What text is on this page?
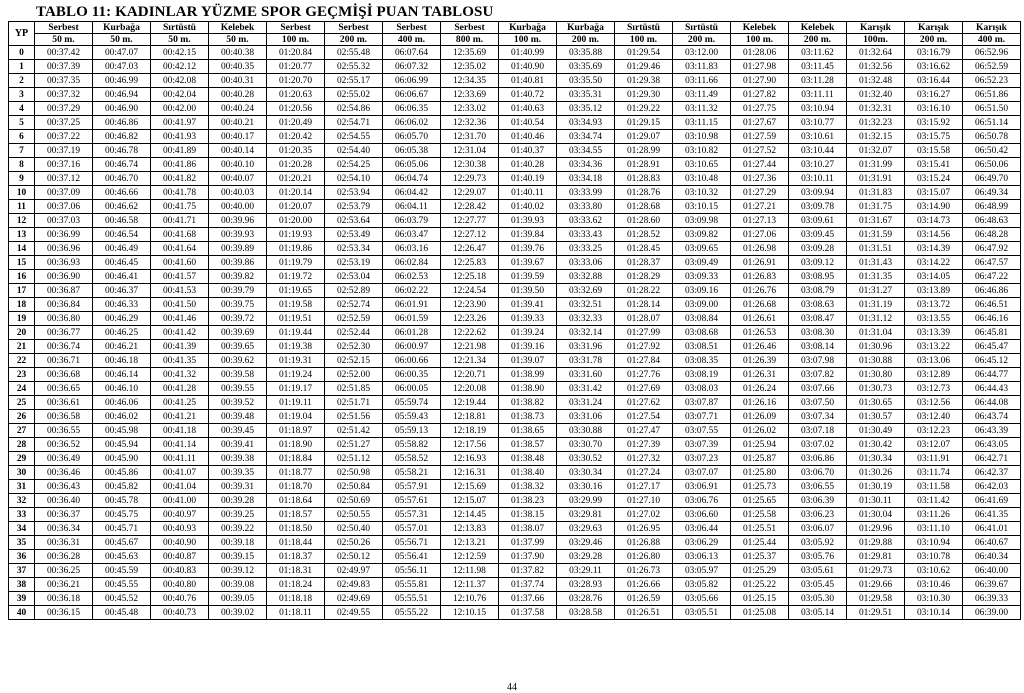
TABLO 11: KADINLAR YÜZME SPOR GEÇMİŞİ PUAN TABLOSU
YP	Serbest	Kurbağa	Sırtüstü	Kelebek	Serbest	Serbest	Serbest	Serbest	Kurbağa	Kurbağa	Sırtüstü	Sırtüstü	Kelebek	Kelebek	Karışık	Karışık	Karışık
	50 m.	50 m.	50 m.	50 m.	100 m.	200 m.	400 m.	800 m.	100 m.	200 m.	100 m.	200 m.	100 m.	200 m.	100m.	200 m.	400 m.
0	00:37.42	00:47.07	00:42.15	00:40.38	01:20.84	02:55.48	06:07.64	12:35.69	01:40.99	03:35.88	01:29.54	03:12.00	01:28.06	03:11.62	01:32.64	03:16.79	06:52.96
1	00:37.39	00:47.03	00:42.12	00:40.35	01:20.77	02:55.32	06:07.32	12:35.02	01:40.90	03:35.69	01:29.46	03:11.83	01:27.98	03:11.45	01:32.56	03:16.62	06:52.59
2	00:37.35	00:46.99	00:42.08	00:40.31	01:20.70	02:55.17	06:06.99	12:34.35	01:40.81	03:35.50	01:29.38	03:11.66	01:27.90	03:11.28	01:32.48	03:16.44	06:52.23
3	00:37.32	00:46.94	00:42.04	00:40.28	01:20.63	02:55.02	06:06.67	12:33.69	01:40.72	03:35.31	01:29.30	03:11.49	01:27.82	03:11.11	01:32.40	03:16.27	06:51.86
4	00:37.29	00:46.90	00:42.00	00:40.24	01:20.56	02:54.86	06:06.35	12:33.02	01:40.63	03:35.12	01:29.22	03:11.32	01:27.75	03:10.94	01:32.31	03:16.10	06:51.50
5	00:37.25	00:46.86	00:41.97	00:40.21	01:20.49	02:54.71	06:06.02	12:32.36	01:40.54	03:34.93	01:29.15	03:11.15	01:27.67	03:10.77	01:32.23	03:15.92	06:51.14
6	00:37.22	00:46.82	00:41.93	00:40.17	01:20.42	02:54.55	06:05.70	12:31.70	01:40.46	03:34.74	01:29.07	03:10.98	01:27.59	03:10.61	01:32.15	03:15.75	06:50.78
7	00:37.19	00:46.78	00:41.89	00:40.14	01:20.35	02:54.40	06:05.38	12:31.04	01:40.37	03:34.55	01:28.99	03:10.82	01:27.52	03:10.44	01:32.07	03:15.58	06:50.42
8	00:37.16	00:46.74	00:41.86	00:40.10	01:20.28	02:54.25	06:05.06	12:30.38	01:40.28	03:34.36	01:28.91	03:10.65	01:27.44	03:10.27	01:31.99	03:15.41	06:50.06
9	00:37.12	00:46.70	00:41.82	00:40.07	01:20.21	02:54.10	06:04.74	12:29.73	01:40.19	03:34.18	01:28.83	03:10.48	01:27.36	03:10.11	01:31.91	03:15.24	06:49.70
10	00:37.09	00:46.66	00:41.78	00:40.03	01:20.14	02:53.94	06:04.42	12:29.07	01:40.11	03:33.99	01:28.76	03:10.32	01:27.29	03:09.94	01:31.83	03:15.07	06:49.34
11	00:37.06	00:46.62	00:41.75	00:40.00	01:20.07	02:53.79	06:04.11	12:28.42	01:40.02	03:33.80	01:28.68	03:10.15	01:27.21	03:09.78	01:31.75	03:14.90	06:48.99
12	00:37.03	00:46.58	00:41.71	00:39.96	01:20.00	02:53.64	06:03.79	12:27.77	01:39.93	03:33.62	01:28.60	03:09.98	01:27.13	03:09.61	01:31.67	03:14.73	06:48.63
13	00:36.99	00:46.54	00:41.68	00:39.93	01:19.93	02:53.49	06:03.47	12:27.12	01:39.84	03:33.43	01:28.52	03:09.82	01:27.06	03:09.45	01:31.59	03:14.56	06:48.28
14	00:36.96	00:46.49	00:41.64	00:39.89	01:19.86	02:53.34	06:03.16	12:26.47	01:39.76	03:33.25	01:28.45	03:09.65	01:26.98	03:09.28	01:31.51	03:14.39	06:47.92
15	00:36.93	00:46.45	00:41.60	00:39.86	01:19.79	02:53.19	06:02.84	12:25.83	01:39.67	03:33.06	01:28.37	03:09.49	01:26.91	03:09.12	01:31.43	03:14.22	06:47.57
16	00:36.90	00:46.41	00:41.57	00:39.82	01:19.72	02:53.04	06:02.53	12:25.18	01:39.59	03:32.88	01:28.29	03:09.33	01:26.83	03:08.95	01:31.35	03:14.05	06:47.22
17	00:36.87	00:46.37	00:41.53	00:39.79	01:19.65	02:52.89	06:02.22	12:24.54	01:39.50	03:32.69	01:28.22	03:09.16	01:26.76	03:08.79	01:31.27	03:13.89	06:46.86
18	00:36.84	00:46.33	00:41.50	00:39.75	01:19.58	02:52.74	06:01.91	12:23.90	01:39.41	03:32.51	01:28.14	03:09.00	01:26.68	03:08.63	01:31.19	03:13.72	06:46.51
19	00:36.80	00:46.29	00:41.46	00:39.72	01:19.51	02:52.59	06:01.59	12:23.26	01:39.33	03:32.33	01:28.07	03:08.84	01:26.61	03:08.47	01:31.12	03:13.55	06:46.16
20	00:36.77	00:46.25	00:41.42	00:39.69	01:19.44	02:52.44	06:01.28	12:22.62	01:39.24	03:32.14	01:27.99	03:08.68	01:26.53	03:08.30	01:31.04	03:13.39	06:45.81
21	00:36.74	00:46.21	00:41.39	00:39.65	01:19.38	02:52.30	06:00.97	12:21.98	01:39.16	03:31.96	01:27.92	03:08.51	01:26.46	03:08.14	01:30.96	03:13.22	06:45.47
22	00:36.71	00:46.18	00:41.35	00:39.62	01:19.31	02:52.15	06:00.66	12:21.34	01:39.07	03:31.78	01:27.84	03:08.35	01:26.39	03:07.98	01:30.88	03:13.06	06:45.12
23	00:36.68	00:46.14	00:41.32	00:39.58	01:19.24	02:52.00	06:00.35	12:20.71	01:38.99	03:31.60	01:27.76	03:08.19	01:26.31	03:07.82	01:30.80	03:12.89	06:44.77
24	00:36.65	00:46.10	00:41.28	00:39.55	01:19.17	02:51.85	06:00.05	12:20.08	01:38.90	03:31.42	01:27.69	03:08.03	01:26.24	03:07.66	01:30.73	03:12.73	06:44.43
25	00:36.61	00:46.06	00:41.25	00:39.52	01:19.11	02:51.71	05:59.74	12:19.44	01:38.82	03:31.24	01:27.62	03:07.87	01:26.16	03:07.50	01:30.65	03:12.56	06:44.08
26	00:36.58	00:46.02	00:41.21	00:39.48	01:19.04	02:51.56	05:59.43	12:18.81	01:38.73	03:31.06	01:27.54	03:07.71	01:26.09	03:07.34	01:30.57	03:12.40	06:43.74
27	00:36.55	00:45.98	00:41.18	00:39.45	01:18.97	02:51.42	05:59.13	12:18.19	01:38.65	03:30.88	01:27.47	03:07.55	01:26.02	03:07.18	01:30.49	03:12.23	06:43.39
28	00:36.52	00:45.94	00:41.14	00:39.41	01:18.90	02:51.27	05:58.82	12:17.56	01:38.57	03:30.70	01:27.39	03:07.39	01:25.94	03:07.02	01:30.42	03:12.07	06:43.05
29	00:36.49	00:45.90	00:41.11	00:39.38	01:18.84	02:51.12	05:58.52	12:16.93	01:38.48	03:30.52	01:27.32	03:07.23	01:25.87	03:06.86	01:30.34	03:11.91	06:42.71
30	00:36.46	00:45.86	00:41.07	00:39.35	01:18.77	02:50.98	05:58.21	12:16.31	01:38.40	03:30.34	01:27.24	03:07.07	01:25.80	03:06.70	01:30.26	03:11.74	06:42.37
31	00:36.43	00:45.82	00:41.04	00:39.31	01:18.70	02:50.84	05:57.91	12:15.69	01:38.32	03:30.16	01:27.17	03:06.91	01:25.73	03:06.55	01:30.19	03:11.58	06:42.03
32	00:36.40	00:45.78	00:41.00	00:39.28	01:18.64	02:50.69	05:57.61	12:15.07	01:38.23	03:29.99	01:27.10	03:06.76	01:25.65	03:06.39	01:30.11	03:11.42	06:41.69
33	00:36.37	00:45.75	00:40.97	00:39.25	01:18.57	02:50.55	05:57.31	12:14.45	01:38.15	03:29.81	01:27.02	03:06.60	01:25.58	03:06.23	01:30.04	03:11.26	06:41.35
34	00:36.34	00:45.71	00:40.93	00:39.22	01:18.50	02:50.40	05:57.01	12:13.83	01:38.07	03:29.63	01:26.95	03:06.44	01:25.51	03:06.07	01:29.96	03:11.10	06:41.01
35	00:36.31	00:45.67	00:40.90	00:39.18	01:18.44	02:50.26	05:56.71	12:13.21	01:37.99	03:29.46	01:26.88	03:06.29	01:25.44	03:05.92	01:29.88	03:10.94	06:40.67
36	00:36.28	00:45.63	00:40.87	00:39.15	01:18.37	02:50.12	05:56.41	12:12.59	01:37.90	03:29.28	01:26.80	03:06.13	01:25.37	03:05.76	01:29.81	03:10.78	06:40.34
37	00:36.25	00:45.59	00:40.83	00:39.12	01:18.31	02:49.97	05:56.11	12:11.98	01:37.82	03:29.11	01:26.73	03:05.97	01:25.29	03:05.61	01:29.73	03:10.62	06:40.00
38	00:36.21	00:45.55	00:40.80	00:39.08	01:18.24	02:49.83	05:55.81	12:11.37	01:37.74	03:28.93	01:26.66	03:05.82	01:25.22	03:05.45	01:29.66	03:10.46	06:39.67
39	00:36.18	00:45.52	00:40.76	00:39.05	01:18.18	02:49.69	05:55.51	12:10.76	01:37.66	03:28.76	01:26.59	03:05.66	01:25.15	03:05.30	01:29.58	03:10.30	06:39.33
40	00:36.15	00:45.48	00:40.73	00:39.02	01:18.11	02:49.55	05:55.22	12:10.15	01:37.58	03:28.58	01:26.51	03:05.51	01:25.08	03:05.14	01:29.51	03:10.14	06:39.00

44
